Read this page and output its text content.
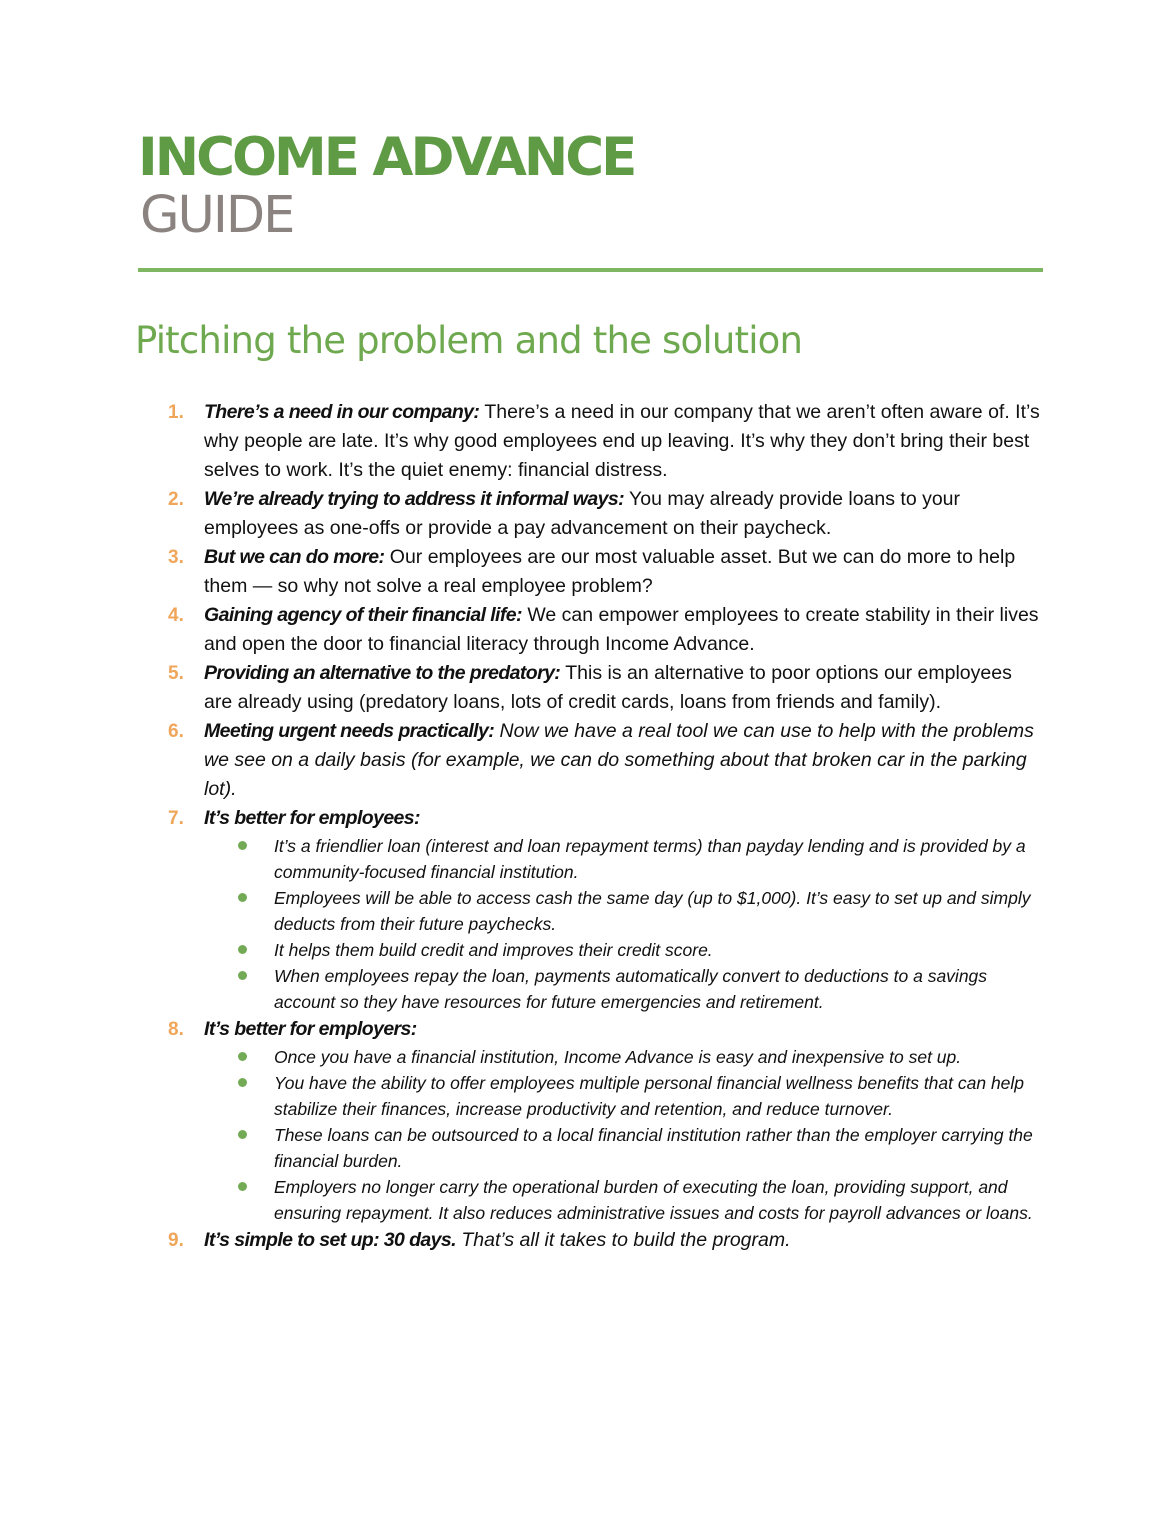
INCOME ADVANCE
GUIDE
Pitching the problem and the solution
1. There’s a need in our company: There’s a need in our company that we aren’t often aware of. It’s why people are late. It’s why good employees end up leaving. It’s why they don’t bring their best selves to work. It’s the quiet enemy: financial distress.
2. We’re already trying to address it informal ways: You may already provide loans to your employees as one-offs or provide a pay advancement on their paycheck.
3. But we can do more: Our employees are our most valuable asset. But we can do more to help them — so why not solve a real employee problem?
4. Gaining agency of their financial life: We can empower employees to create stability in their lives and open the door to financial literacy through Income Advance.
5. Providing an alternative to the predatory: This is an alternative to poor options our employees are already using (predatory loans, lots of credit cards, loans from friends and family).
6. Meeting urgent needs practically: Now we have a real tool we can use to help with the problems we see on a daily basis (for example, we can do something about that broken car in the parking lot).
7. It’s better for employees:
It’s a friendlier loan (interest and loan repayment terms) than payday lending and is provided by a community-focused financial institution.
Employees will be able to access cash the same day (up to $1,000). It’s easy to set up and simply deducts from their future paychecks.
It helps them build credit and improves their credit score.
When employees repay the loan, payments automatically convert to deductions to a savings account so they have resources for future emergencies and retirement.
8. It’s better for employers:
Once you have a financial institution, Income Advance is easy and inexpensive to set up.
You have the ability to offer employees multiple personal financial wellness benefits that can help stabilize their finances, increase productivity and retention, and reduce turnover.
These loans can be outsourced to a local financial institution rather than the employer carrying the financial burden.
Employers no longer carry the operational burden of executing the loan, providing support, and ensuring repayment. It also reduces administrative issues and costs for payroll advances or loans.
9. It’s simple to set up: 30 days. That’s all it takes to build the program.
